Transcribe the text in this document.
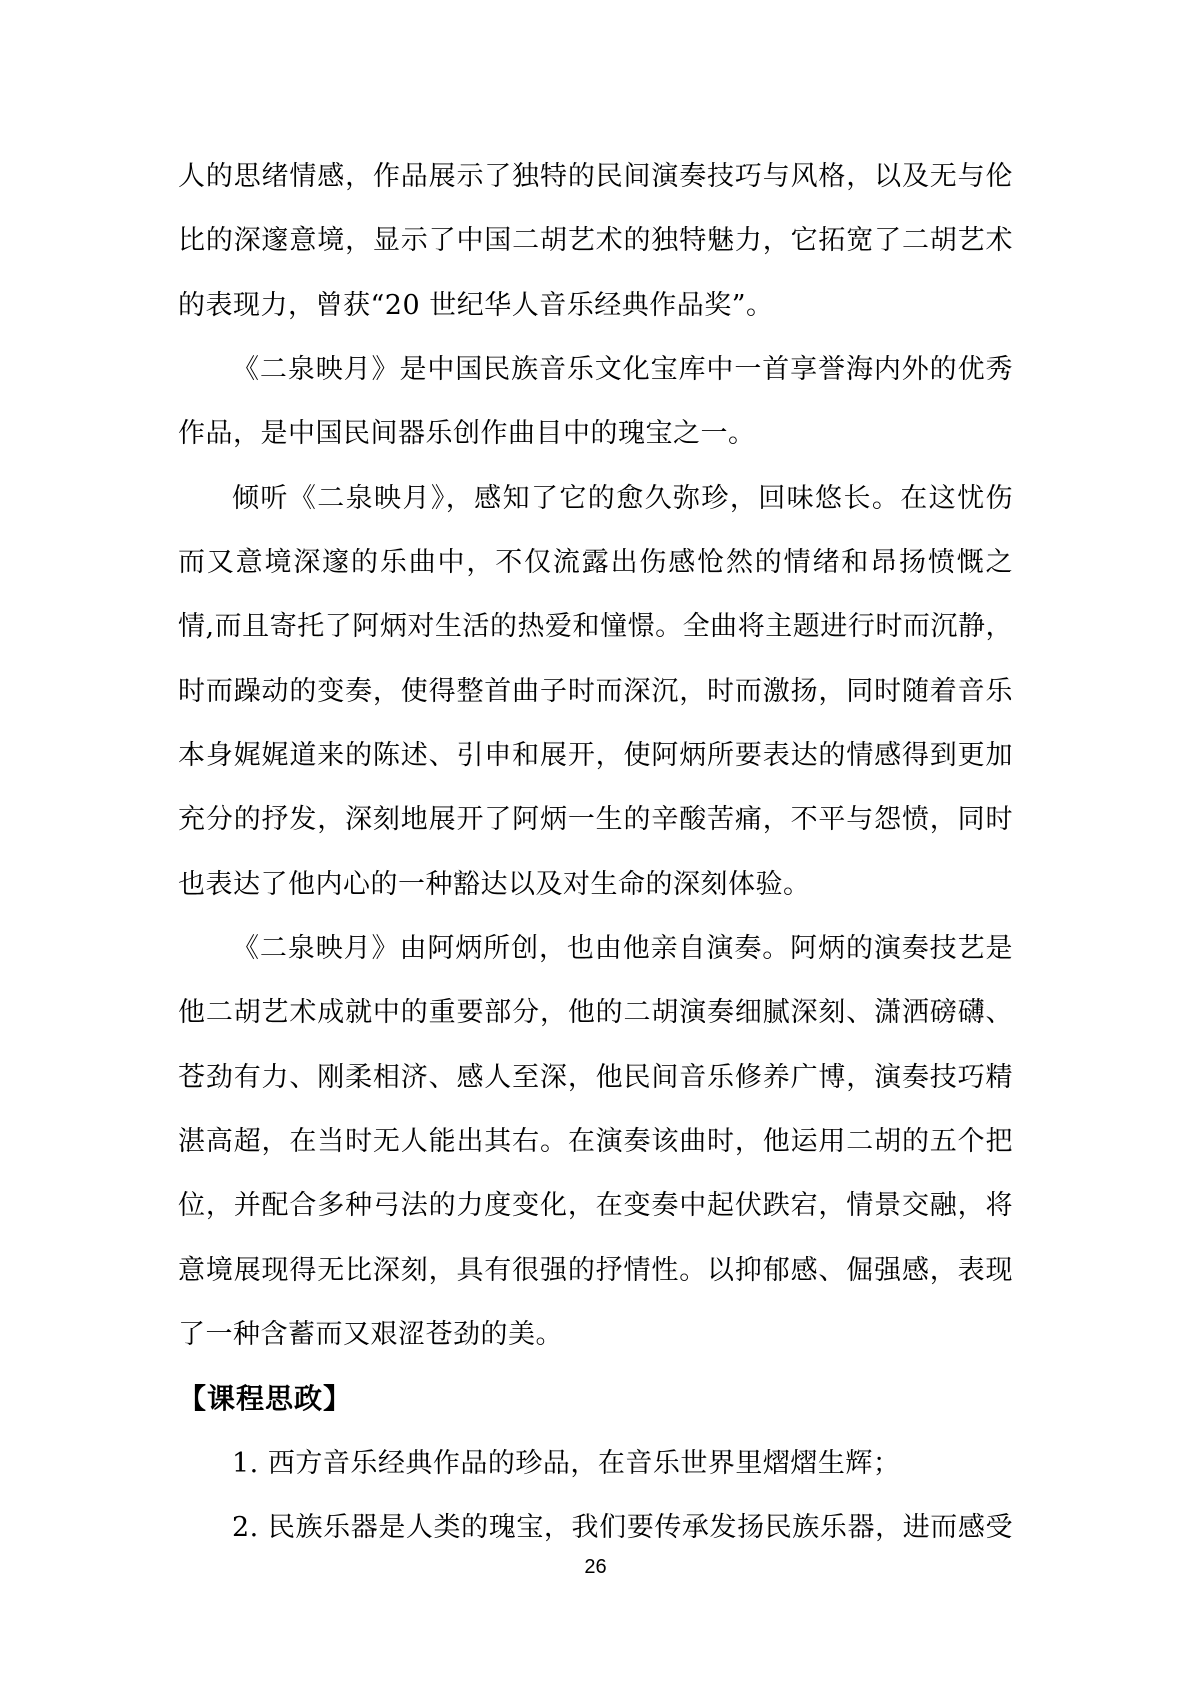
人的思绪情感，作品展示了独特的民间演奏技巧与风格，以及无与伦
比的深邃意境，显示了中国二胡艺术的独特魅力，它拓宽了二胡艺术
的表现力，曾获“20 世纪华人音乐经典作品奖”。
《二泉映月》是中国民族音乐文化宝库中一首享誉海内外的优秀
作品，是中国民间器乐创作曲目中的瑰宝之一。
倾听《二泉映月》，感知了它的愈久弥珍，回味悠长。在这忧伤
而又意境深邃的乐曲中，不仅流露出伤感怆然的情绪和昂扬愤慨之
情,而且寄托了阿炳对生活的热爱和憧憬。全曲将主题进行时而沉静，
时而躁动的变奏，使得整首曲子时而深沉，时而激扬，同时随着音乐
本身娓娓道来的陈述、引申和展开，使阿炳所要表达的情感得到更加
充分的抒发，深刻地展开了阿炳一生的辛酸苦痛，不平与怨愤，同时
也表达了他内心的一种豁达以及对生命的深刻体验。
《二泉映月》由阿炳所创，也由他亲自演奏。阿炳的演奏技艺是
他二胡艺术成就中的重要部分，他的二胡演奏细腻深刻、潇洒磅礴、
苍劲有力、刚柔相济、感人至深，他民间音乐修养广博，演奏技巧精
湛高超，在当时无人能出其右。在演奏该曲时，他运用二胡的五个把
位，并配合多种弓法的力度变化，在变奏中起伏跌宕，情景交融，将
意境展现得无比深刻，具有很强的抒情性。以抑郁感、倔强感，表现
了一种含蓄而又艰涩苍劲的美。
【课程思政】
1. 西方音乐经典作品的珍品，在音乐世界里熠熠生辉；
2. 民族乐器是人类的瑰宝，我们要传承发扬民族乐器，进而感受
26
